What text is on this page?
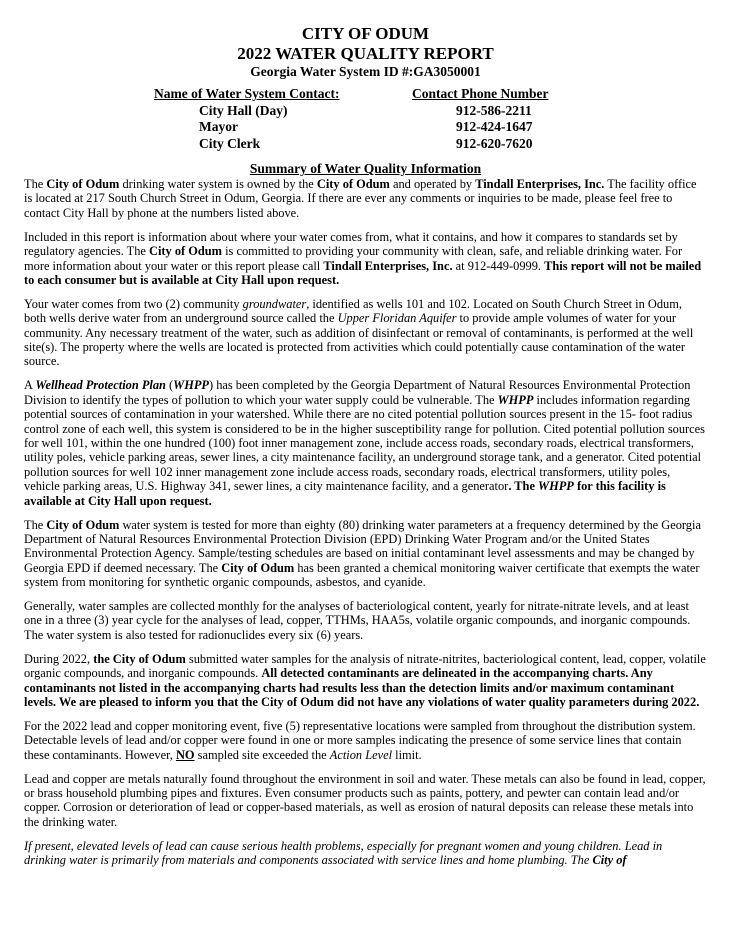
CITY OF ODUM
2022 WATER QUALITY REPORT
Georgia Water System ID #:GA3050001
Name of Water System Contact:
City Hall (Day)
Mayor
City Clerk
Contact Phone Number
912-586-2211
912-424-1647
912-620-7620
Summary of Water Quality Information

The City of Odum drinking water system is owned by the City of Odum and operated by Tindall Enterprises, Inc. The facility office is located at 217 South Church Street in Odum, Georgia. If there are ever any comments or inquiries to be made, please feel free to contact City Hall by phone at the numbers listed above.

Included in this report is information about where your water comes from, what it contains, and how it compares to standards set by regulatory agencies. The City of Odum is committed to providing your community with clean, safe, and reliable drinking water. For more information about your water or this report please call Tindall Enterprises, Inc. at 912-449-0999. This report will not be mailed to each consumer but is available at City Hall upon request.

Your water comes from two (2) community groundwater, identified as wells 101 and 102. Located on South Church Street in Odum, both wells derive water from an underground source called the Upper Floridan Aquifer to provide ample volumes of water for your community. Any necessary treatment of the water, such as addition of disinfectant or removal of contaminants, is performed at the well site(s). The property where the wells are located is protected from activities which could potentially cause contamination of the water source.

A Wellhead Protection Plan (WHPP) has been completed by the Georgia Department of Natural Resources Environmental Protection Division to identify the types of pollution to which your water supply could be vulnerable. The WHPP includes information regarding potential sources of contamination in your watershed. While there are no cited potential pollution sources present in the 15- foot radius control zone of each well, this system is considered to be in the higher susceptibility range for pollution. Cited potential pollution sources for well 101, within the one hundred (100) foot inner management zone, include access roads, secondary roads, electrical transformers, utility poles, vehicle parking areas, sewer lines, a city maintenance facility, an underground storage tank, and a generator. Cited potential pollution sources for well 102 inner management zone include access roads, secondary roads, electrical transformers, utility poles, vehicle parking areas, U.S. Highway 341, sewer lines, a city maintenance facility, and a generator. The WHPP for this facility is available at City Hall upon request.

The City of Odum water system is tested for more than eighty (80) drinking water parameters at a frequency determined by the Georgia Department of Natural Resources Environmental Protection Division (EPD) Drinking Water Program and/or the United States Environmental Protection Agency. Sample/testing schedules are based on initial contaminant level assessments and may be changed by Georgia EPD if deemed necessary. The City of Odum has been granted a chemical monitoring waiver certificate that exempts the water system from monitoring for synthetic organic compounds, asbestos, and cyanide.

Generally, water samples are collected monthly for the analyses of bacteriological content, yearly for nitrate-nitrate levels, and at least one in a three (3) year cycle for the analyses of lead, copper, TTHMs, HAA5s, volatile organic compounds, and inorganic compounds. The water system is also tested for radionuclides every six (6) years.

During 2022, the City of Odum submitted water samples for the analysis of nitrate-nitrites, bacteriological content, lead, copper, volatile organic compounds, and inorganic compounds. All detected contaminants are delineated in the accompanying charts. Any contaminants not listed in the accompanying charts had results less than the detection limits and/or maximum contaminant levels. We are pleased to inform you that the City of Odum did not have any violations of water quality parameters during 2022.

For the 2022 lead and copper monitoring event, five (5) representative locations were sampled from throughout the distribution system. Detectable levels of lead and/or copper were found in one or more samples indicating the presence of some service lines that contain these contaminants. However, NO sampled site exceeded the Action Level limit.

Lead and copper are metals naturally found throughout the environment in soil and water. These metals can also be found in lead, copper, or brass household plumbing pipes and fixtures. Even consumer products such as paints, pottery, and pewter can contain lead and/or copper. Corrosion or deterioration of lead or copper-based materials, as well as erosion of natural deposits can release these metals into the drinking water.

If present, elevated levels of lead can cause serious health problems, especially for pregnant women and young children. Lead in drinking water is primarily from materials and components associated with service lines and home plumbing. The City of
